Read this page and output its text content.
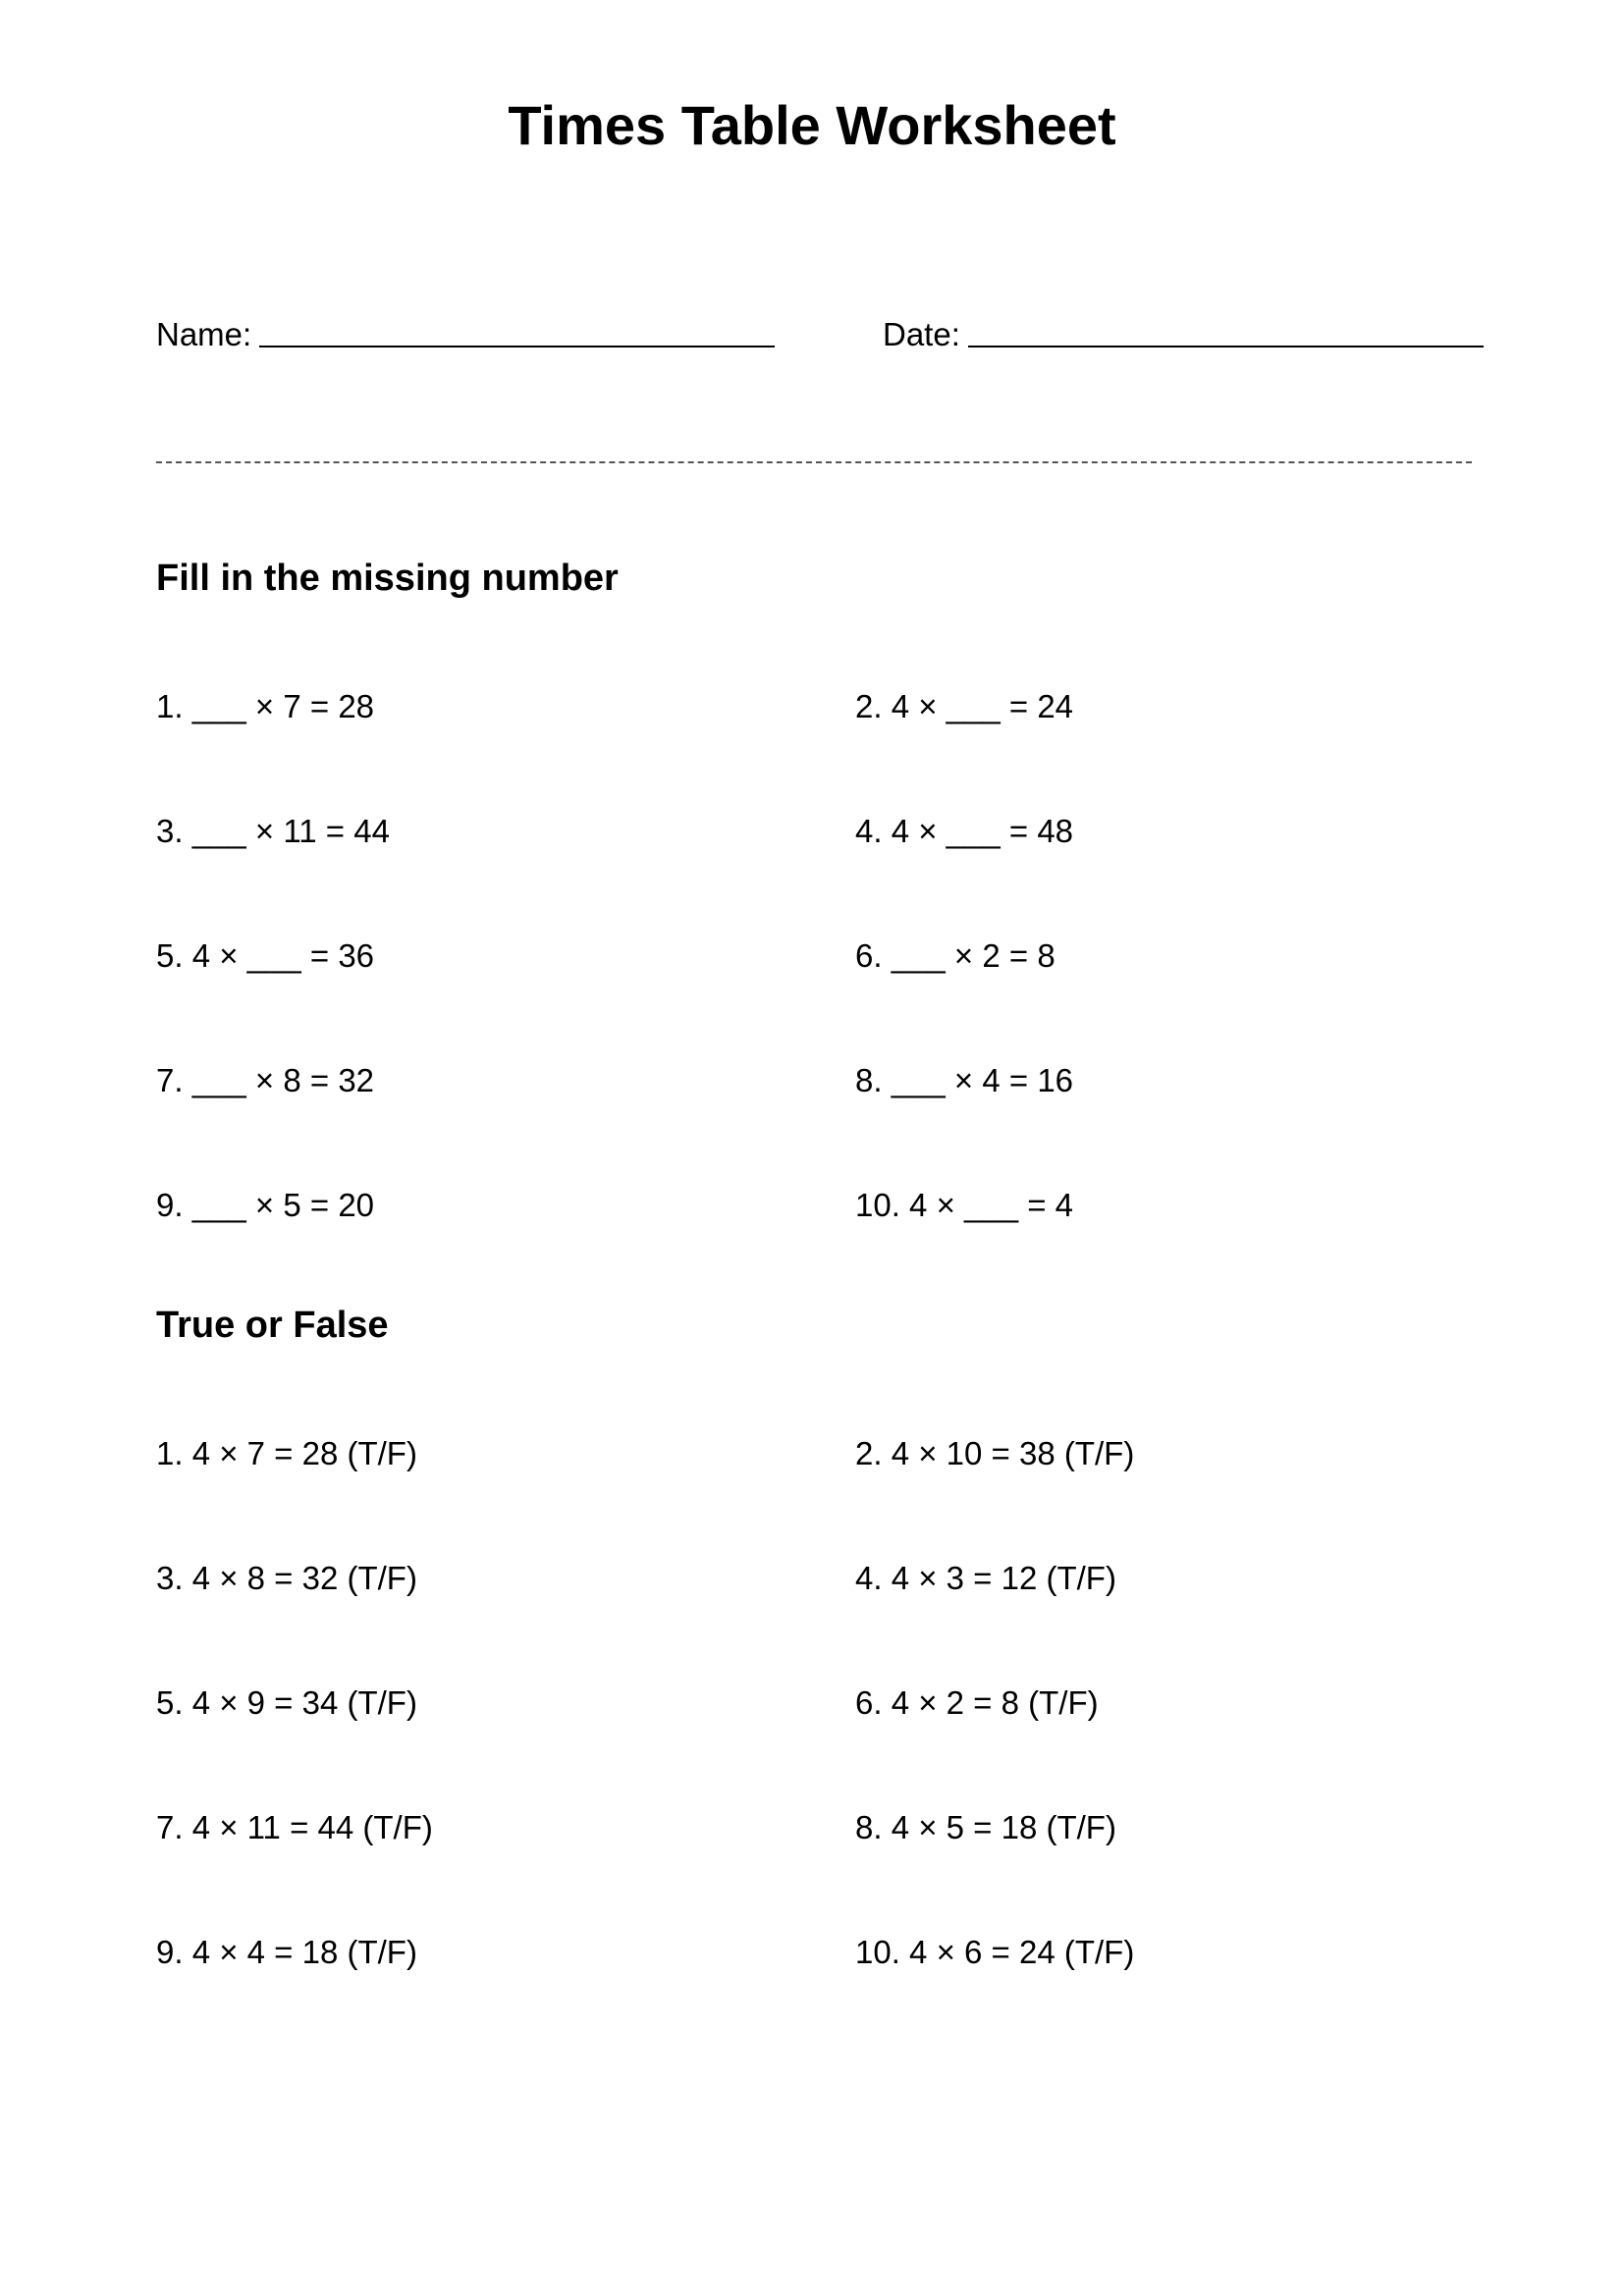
Times Table Worksheet
Name:	Date:
Fill in the missing number
1. ___ × 7 = 28	2. 4 × ___ = 24
3. ___ × 11 = 44	4. 4 × ___ = 48
5. 4 × ___ = 36	6. ___ × 2 = 8
7. ___ × 8 = 32	8. ___ × 4 = 16
9. ___ × 5 = 20	10. 4 × ___ = 4
True or False
1. 4 × 7 = 28 (T/F)	2. 4 × 10 = 38 (T/F)
3. 4 × 8 = 32 (T/F)	4. 4 × 3 = 12 (T/F)
5. 4 × 9 = 34 (T/F)	6. 4 × 2 = 8 (T/F)
7. 4 × 11 = 44 (T/F)	8. 4 × 5 = 18 (T/F)
9. 4 × 4 = 18 (T/F)	10. 4 × 6 = 24 (T/F)
